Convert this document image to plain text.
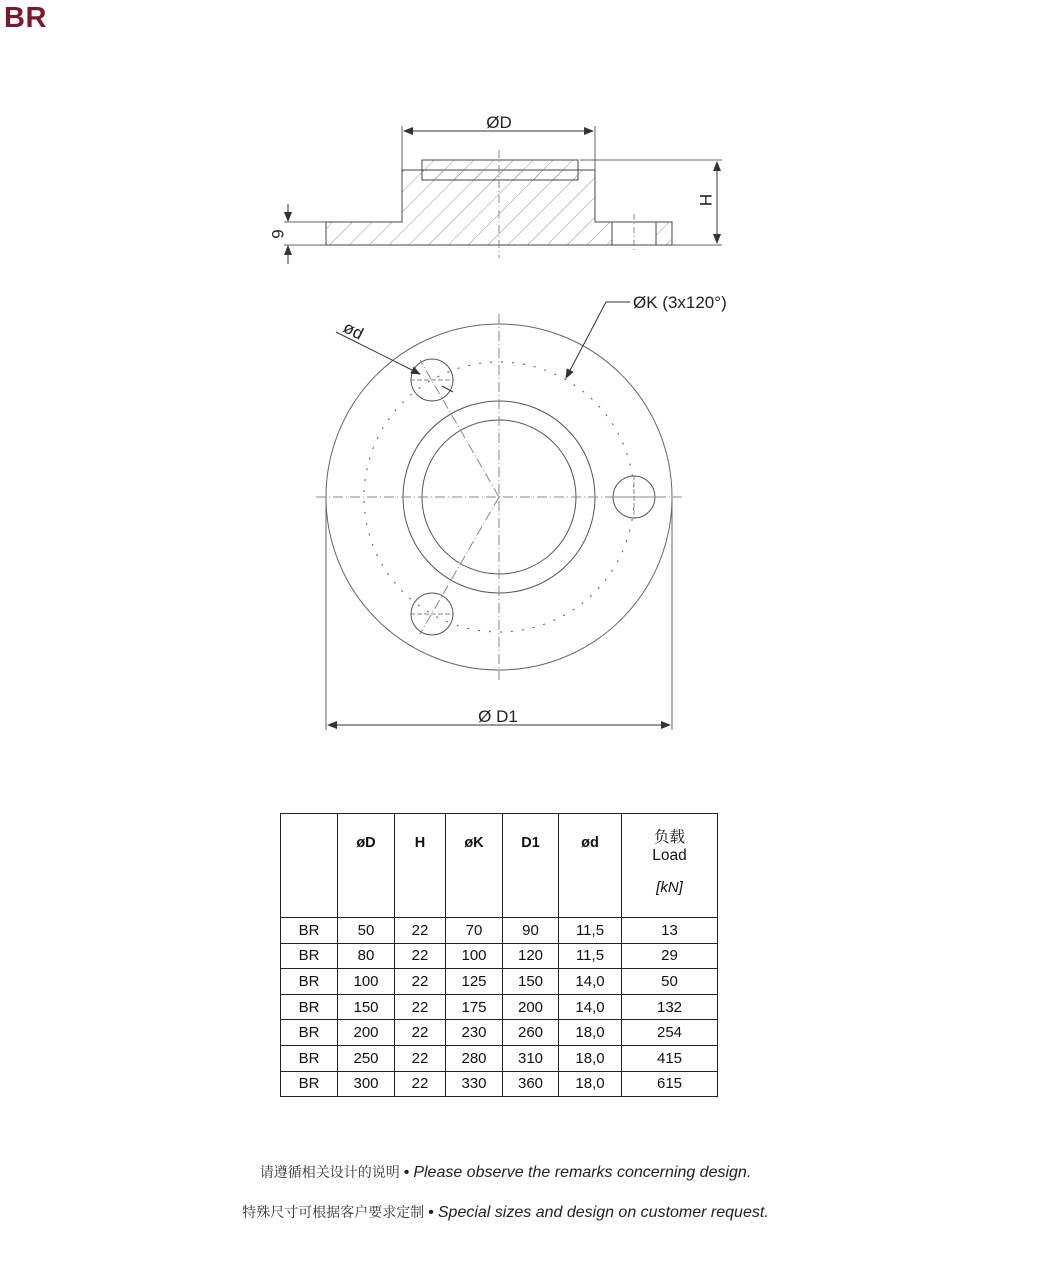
BR
ØD
H
6
ØK (3x120°)
ød
Ø D1
	øD	H	øK	D1	ød	负载
Load
[kN]

BR	50	22	70	90	11,5	13
BR	80	22	100	120	11,5	29
BR	100	22	125	150	14,0	50
BR	150	22	175	200	14,0	132
BR	200	22	230	260	18,0	254
BR	250	22	280	310	18,0	415
BR	300	22	330	360	18,0	615
请遵循相关设计的说明 • Please observe the remarks concerning design.
特殊尺寸可根据客户要求定制 • Special sizes and design on customer request.
